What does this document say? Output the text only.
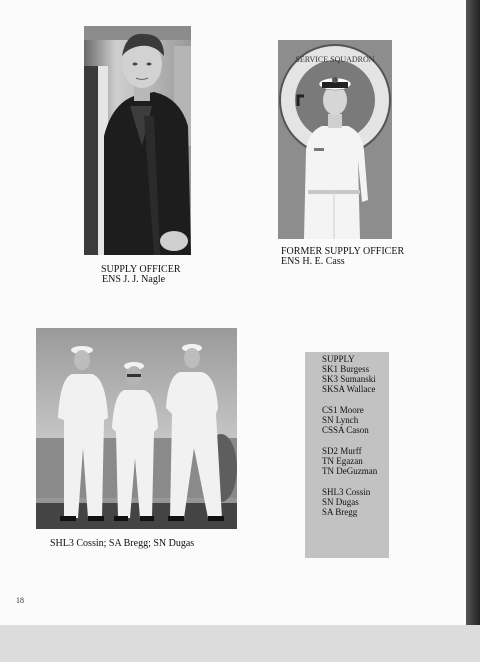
SUPPLY OFFICER
ENS J. J. Nagle
SERVICE SQUADRON
FORMER SUPPLY OFFICER
ENS H. E. Cass
SHL3 Cossin; SA Bregg; SN Dugas
SUPPLY
SK1 Burgess
SK3 Sumanski
SKSA Wallace
CS1 Moore
SN Lynch
CSSA Cason
SD2 Murff
TN Egazan
TN DeGuzman
SHL3 Cossin
SN Dugas
SA Bregg
18
